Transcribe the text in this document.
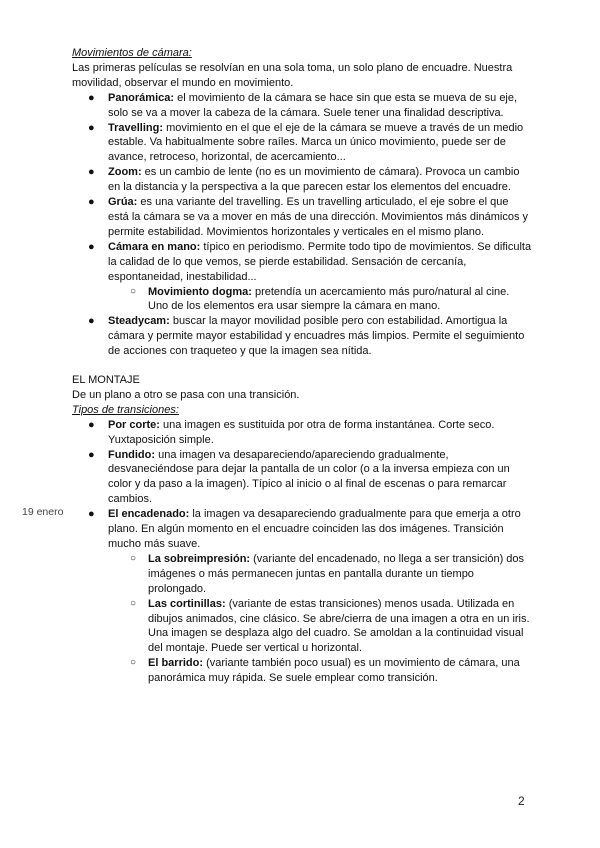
Movimientos de cámara:

Las primeras películas se resolvían en una sola toma, un solo plano de encuadre. Nuestra movilidad, observar el mundo en movimiento.

● Panorámica: el movimiento de la cámara se hace sin que esta se mueva de su eje, solo se va a mover la cabeza de la cámara. Suele tener una finalidad descriptiva.
● Travelling: movimiento en el que el eje de la cámara se mueve a través de un medio estable. Va habitualmente sobre raíles. Marca un único movimiento, puede ser de avance, retroceso, horizontal, de acercamiento...
● Zoom: es un cambio de lente (no es un movimiento de cámara). Provoca un cambio en la distancia y la perspectiva a la que parecen estar los elementos del encuadre.
● Grúa: es una variante del travelling. Es un travelling articulado, el eje sobre el que está la cámara se va a mover en más de una dirección. Movimientos más dinámicos y permite estabilidad. Movimientos horizontales y verticales en el mismo plano.
● Cámara en mano: típico en periodismo. Permite todo tipo de movimientos. Se dificulta la calidad de lo que vemos, se pierde estabilidad. Sensación de cercanía, espontaneidad, inestabilidad...
○ Movimiento dogma: pretendía un acercamiento más puro/natural al cine. Uno de los elementos era usar siempre la cámara en mano.
● Steadycam: buscar la mayor movilidad posible pero con estabilidad. Amortigua la cámara y permite mayor estabilidad y encuadres más limpios. Permite el seguimiento de acciones con traqueteo y que la imagen sea nítida.

EL MONTAJE

De un plano a otro se pasa con una transición.

Tipos de transiciones:

● Por corte: una imagen es sustituida por otra de forma instantánea. Corte seco. Yuxtaposición simple.
● Fundido: una imagen va desapareciendo/apareciendo gradualmente, desvaneciéndose para dejar la pantalla de un color (o a la inversa empieza con un color y da paso a la imagen). Típico al inicio o al final de escenas o para remarcar cambios.
● El encadenado: la imagen va desapareciendo gradualmente para que emerja a otro plano. En algún momento en el encuadre coinciden las dos imágenes. Transición mucho más suave.
○ La sobreimpresión: (variante del encadenado, no llega a ser transición) dos imágenes o más permanecen juntas en pantalla durante un tiempo prolongado.
○ Las cortinillas: (variante de estas transiciones) menos usada. Utilizada en dibujos animados, cine clásico. Se abre/cierra de una imagen a otra en un iris. Una imagen se desplaza algo del cuadro. Se amoldan a la continuidad visual del montaje. Puede ser vertical u horizontal.
○ El barrido: (variante también poco usual) es un movimiento de cámara, una panorámica muy rápida. Se suele emplear como transición.
19 enero
2
